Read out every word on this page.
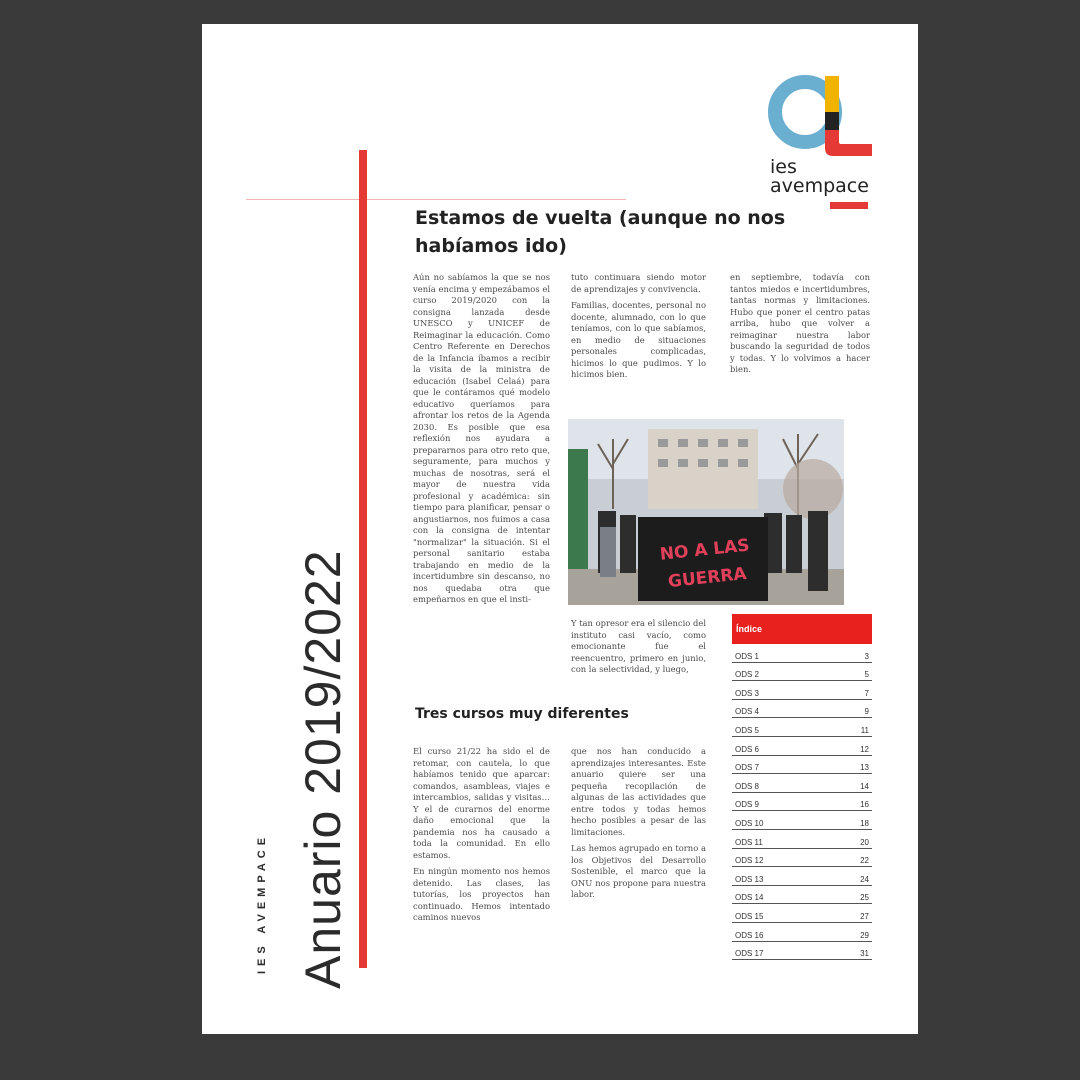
Anuario 2019/2022
IES AVEMPACE
ies
avempace
Estamos de vuelta (aunque no nos habíamos ido)

Aún no sabíamos la que se nos venía encima y empezábamos el curso 2019/2020 con la consigna lanzada desde UNESCO y UNICEF de Reimaginar la educación. Como Centro Referente en Derechos de la Infancia íbamos a recibir la visita de la ministra de educación (Isabel Celaá) para que le contáramos qué modelo educativo queríamos para afrontar los retos de la Agenda 2030. Es posible que esa reflexión nos ayudara a prepararnos para otro reto que, seguramente, para muchos y muchas de nosotras, será el mayor de nuestra vida profesional y académica: sin tiempo para planificar, pensar o angustiarnos, nos fuimos a casa con la consigna de intentar "normalizar" la situación. Si el personal sanitario estaba trabajando en medio de la incertidumbre sin descanso, no nos quedaba otra que empeñarnos en que el insti-

tuto continuara siendo motor de aprendizajes y convivencia.

Familias, docentes, personal no docente, alumnado, con lo que teníamos, con lo que sabíamos, en medio de situaciones personales complicadas, hicimos lo que pudimos. Y lo hicimos bien.

en septiembre, todavía con tantos miedos e incertidumbres, tantas normas y limitaciones. Hubo que poner el centro patas arriba, hubo que volver a reimaginar nuestra labor buscando la seguridad de todos y todas. Y lo volvimos a hacer bien.

NO A LAS
GUERRA

Y tan opresor era el silencio del instituto casi vacío, como emocionante fue el reencuentro, primero en junio, con la selectividad, y luego,

Tres cursos muy diferentes

El curso 21/22 ha sido el de retomar, con cautela, lo que habíamos tenido que aparcar: comandos, asambleas, viajes e intercambios, salidas y visitas… Y el de curarnos del enorme daño emocional que la pandemia nos ha causado a toda la comunidad. En ello estamos.

En ningún momento nos hemos detenido. Las clases, las tutorías, los proyectos han continuado. Hemos intentado caminos nuevos

que nos han conducido a aprendizajes interesantes. Este anuario quiere ser una pequeña recopilación de algunas de las actividades que entre todos y todas hemos hecho posibles a pesar de las limitaciones.

Las hemos agrupado en torno a los Objetivos del Desarrollo Sostenible, el marco que la ONU nos propone para nuestra labor.

Índice
ODS 1	3
ODS 2	5
ODS 3	7
ODS 4	9
ODS 5	11
ODS 6	12
ODS 7	13
ODS 8	14
ODS 9	16
ODS 10	18
ODS 11	20
ODS 12	22
ODS 13	24
ODS 14	25
ODS 15	27
ODS 16	29
ODS 17	31
